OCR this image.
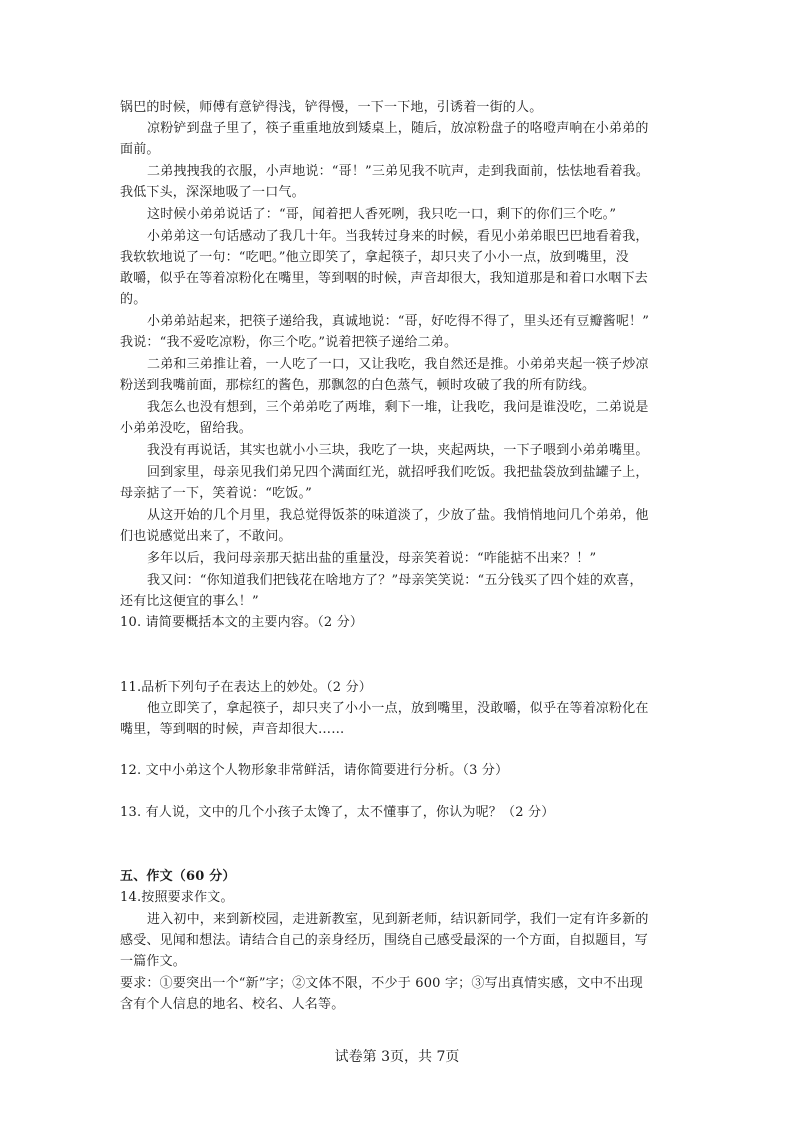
锅巴的时候，师傅有意铲得浅，铲得慢，一下一下地，引诱着一街的人。
凉粉铲到盘子里了，筷子重重地放到矮桌上，随后，放凉粉盘子的咯噔声响在小弟弟的
面前。
二弟拽拽我的衣服，小声地说：“哥！”三弟见我不吭声，走到我面前，怯怯地看着我。
我低下头，深深地吸了一口气。
这时候小弟弟说话了：“哥，闻着把人香死咧，我只吃一口，剩下的你们三个吃。”
小弟弟这一句话感动了我几十年。当我转过身来的时候，看见小弟弟眼巴巴地看着我，
我软软地说了一句：“吃吧。”他立即笑了，拿起筷子，却只夹了小小一点，放到嘴里，没
敢嚼，似乎在等着凉粉化在嘴里，等到咽的时候，声音却很大，我知道那是和着口水咽下去
的。
小弟弟站起来，把筷子递给我，真诚地说：“哥，好吃得不得了，里头还有豆瓣酱呢！”
我说：“我不爱吃凉粉，你三个吃。”说着把筷子递给二弟。
二弟和三弟推让着，一人吃了一口，又让我吃，我自然还是推。小弟弟夹起一筷子炒凉
粉送到我嘴前面，那棕红的酱色，那飘忽的白色蒸气，顿时攻破了我的所有防线。
我怎么也没有想到，三个弟弟吃了两堆，剩下一堆，让我吃，我问是谁没吃，二弟说是
小弟弟没吃，留给我。
我没有再说话，其实也就小小三块，我吃了一块，夹起两块，一下子喂到小弟弟嘴里。
回到家里，母亲见我们弟兄四个满面红光，就招呼我们吃饭。我把盐袋放到盐罐子上，
母亲掂了一下，笑着说：“吃饭。”
从这开始的几个月里，我总觉得饭茶的味道淡了，少放了盐。我悄悄地问几个弟弟，他
们也说感觉出来了，不敢问。
多年以后，我问母亲那天掂出盐的重量没，母亲笑着说：“咋能掂不出来？！”
我又问：“你知道我们把钱花在啥地方了？”母亲笑笑说：“五分钱买了四个娃的欢喜，
还有比这便宜的事么！”
10. 请简要概括本文的主要内容。（2 分）
11.品析下列句子在表达上的妙处。（2 分）
他立即笑了，拿起筷子，却只夹了小小一点，放到嘴里，没敢嚼，似乎在等着凉粉化在
嘴里，等到咽的时候，声音却很大……
12. 文中小弟这个人物形象非常鲜活，请你简要进行分析。（3 分）
13. 有人说，文中的几个小孩子太馋了，太不懂事了，你认为呢？（2 分）
五、作文（60 分）
14.按照要求作文。
进入初中，来到新校园，走进新教室，见到新老师，结识新同学，我们一定有许多新的
感受、见闻和想法。请结合自己的亲身经历，围绕自己感受最深的一个方面，自拟题目，写
一篇作文。
要求：①要突出一个“新”字；②文体不限，不少于 600 字；③写出真情实感，文中不出现
含有个人信息的地名、校名、人名等。
试卷第 3页，共 7页
